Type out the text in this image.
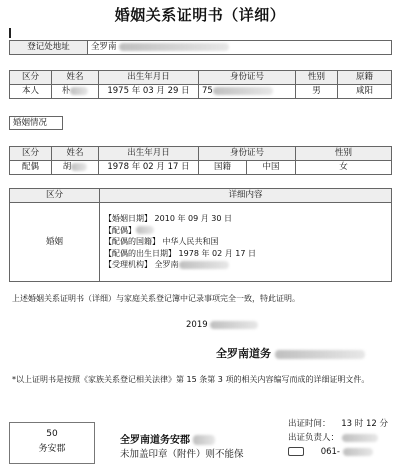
婚姻关系证明书（详细）
登记处地址	全罗南
区分	姓名	出生年月日	身份证号	性别	原籍
本人	朴	1975 年 03 月 29 日	75	男	咸阳
婚姻情况
区分	姓名	出生年月日	身份证号		性别
配偶	胡	1978 年 02 月 17 日	国籍	中国	女
区分	详细内容
婚姻	【婚姻日期】 2010 年 09 月 30 日
【配偶】
【配偶的国籍】 中华人民共和国
【配偶的出生日期】 1978 年 02 月 17 日
【受理机构】 全罗南
上述婚姻关系证明书（详细）与家庭关系登记簿中记录事项完全一致，特此证明。
2019
全罗南道务
*以上证明书是按照《家族关系登记相关法律》第 15 条第 3 项的相关内容编写而成的详细证明文件。
50
务安郡
全罗南道务安郡
未加盖印章（附件）则不能保
出证时间： 13 时 12 分
出证负责人：
061-
